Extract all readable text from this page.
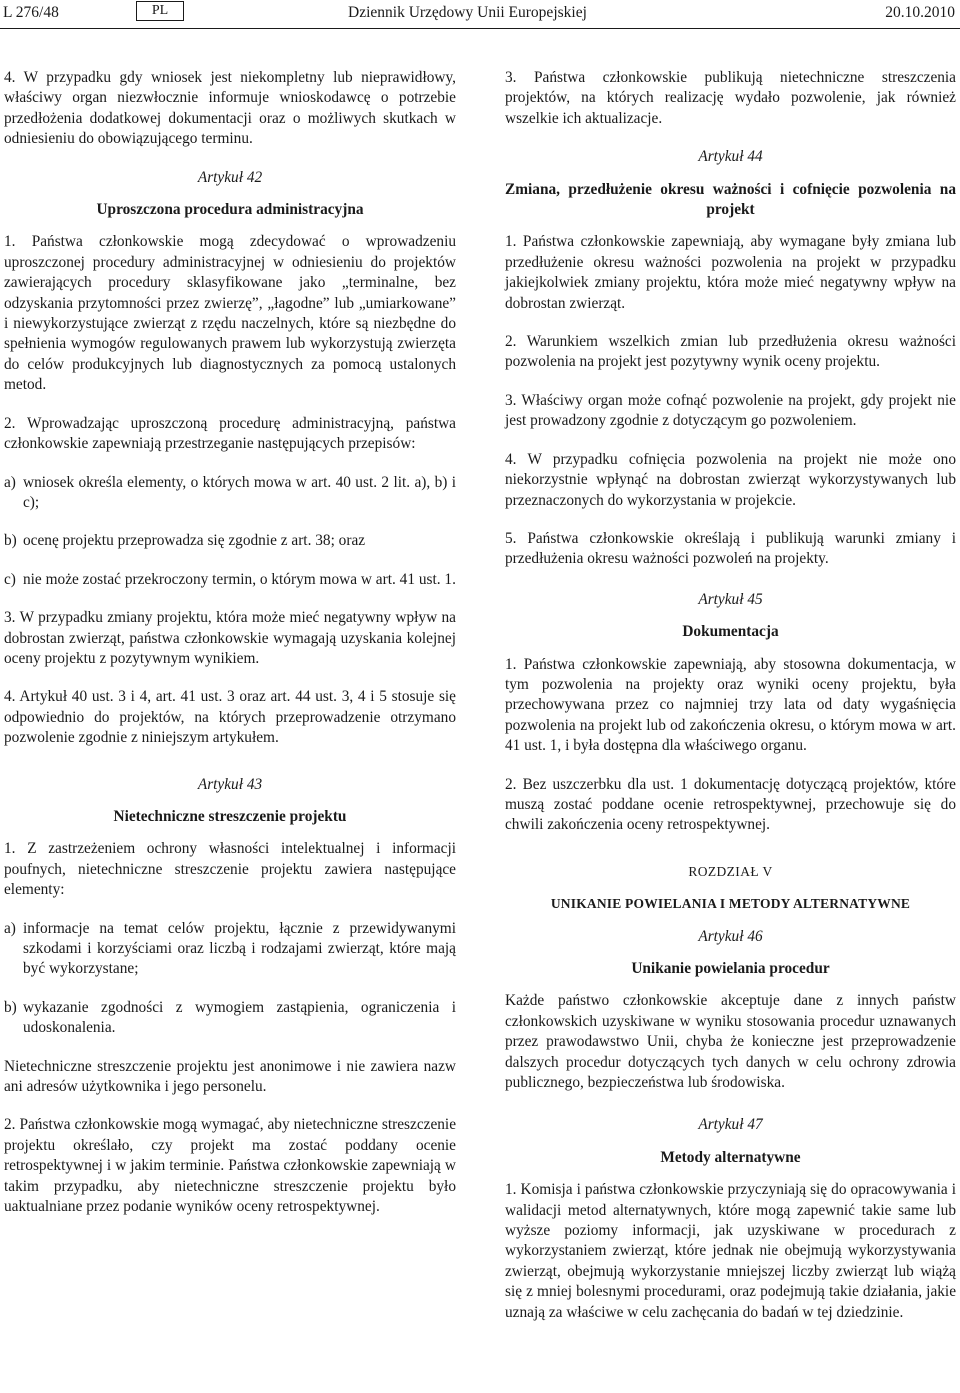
L 276/48	PL	Dziennik Urzędowy Unii Europejskiej	20.10.2010

4. W przypadku gdy wniosek jest niekompletny lub nieprawidłowy, właściwy organ niezwłocznie informuje wnioskodawcę o potrzebie przedłożenia dodatkowej dokumentacji oraz o możliwych skutkach w odniesieniu do obowiązującego terminu.

Artykuł 42
Uproszczona procedura administracyjna

1. Państwa członkowskie mogą zdecydować o wprowadzeniu uproszczonej procedury administracyjnej w odniesieniu do projektów zawierających procedury sklasyfikowane jako „terminalne, bez odzyskania przytomności przez zwierzę”, „łagodne” lub „umiarkowane” i niewykorzystujące zwierząt z rzędu naczelnych, które są niezbędne do spełnienia wymogów regulowanych prawem lub wykorzystują zwierzęta do celów produkcyjnych lub diagnostycznych za pomocą ustalonych metod.

2. Wprowadzając uproszczoną procedurę administracyjną, państwa członkowskie zapewniają przestrzeganie następujących przepisów:

a) wniosek określa elementy, o których mowa w art. 40 ust. 2 lit. a), b) i c);
b) ocenę projektu przeprowadza się zgodnie z art. 38; oraz
c) nie może zostać przekroczony termin, o którym mowa w art. 41 ust. 1.

3. W przypadku zmiany projektu, która może mieć negatywny wpływ na dobrostan zwierząt, państwa członkowskie wymagają uzyskania kolejnej oceny projektu z pozytywnym wynikiem.

4. Artykuł 40 ust. 3 i 4, art. 41 ust. 3 oraz art. 44 ust. 3, 4 i 5 stosuje się odpowiednio do projektów, na których przeprowadzenie otrzymano pozwolenie zgodnie z niniejszym artykułem.

Artykuł 43
Nietechniczne streszczenie projektu

1. Z zastrzeżeniem ochrony własności intelektualnej i informacji poufnych, nietechniczne streszczenie projektu zawiera następujące elementy:

a) informacje na temat celów projektu, łącznie z przewidywanymi szkodami i korzyściami oraz liczbą i rodzajami zwierząt, które mają być wykorzystane;
b) wykazanie zgodności z wymogiem zastąpienia, ograniczenia i udoskonalenia.

Nietechniczne streszczenie projektu jest anonimowe i nie zawiera nazw ani adresów użytkownika i jego personelu.

2. Państwa członkowskie mogą wymagać, aby nietechniczne streszczenie projektu określało, czy projekt ma zostać poddany ocenie retrospektywnej i w jakim terminie. Państwa członkowskie zapewniają w takim przypadku, aby nietechniczne streszczenie projektu było uaktualniane przez podanie wyników oceny retrospektywnej.

3. Państwa członkowskie publikują nietechniczne streszczenia projektów, na których realizację wydało pozwolenie, jak również wszelkie ich aktualizacje.

Artykuł 44
Zmiana, przedłużenie okresu ważności i cofnięcie pozwolenia na projekt

1. Państwa członkowskie zapewniają, aby wymagane były zmiana lub przedłużenie okresu ważności pozwolenia na projekt w przypadku jakiejkolwiek zmiany projektu, która może mieć negatywny wpływ na dobrostan zwierząt.

2. Warunkiem wszelkich zmian lub przedłużenia okresu ważności pozwolenia na projekt jest pozytywny wynik oceny projektu.

3. Właściwy organ może cofnąć pozwolenie na projekt, gdy projekt nie jest prowadzony zgodnie z dotyczącym go pozwoleniem.

4. W przypadku cofnięcia pozwolenia na projekt nie może ono niekorzystnie wpłynąć na dobrostan zwierząt wykorzystywanych lub przeznaczonych do wykorzystania w projekcie.

5. Państwa członkowskie określają i publikują warunki zmiany i przedłużenia okresu ważności pozwoleń na projekty.

Artykuł 45
Dokumentacja

1. Państwa członkowskie zapewniają, aby stosowna dokumentacja, w tym pozwolenia na projekty oraz wyniki oceny projektu, była przechowywana przez co najmniej trzy lata od daty wygaśnięcia pozwolenia na projekt lub od zakończenia okresu, o którym mowa w art. 41 ust. 1, i była dostępna dla właściwego organu.

2. Bez uszczerbku dla ust. 1 dokumentację dotyczącą projektów, które muszą zostać poddane ocenie retrospektywnej, przechowuje się do chwili zakończenia oceny retrospektywnej.

ROZDZIAŁ V
UNIKANIE POWIELANIA I METODY ALTERNATYWNE
Artykuł 46
Unikanie powielania procedur

Każde państwo członkowskie akceptuje dane z innych państw członkowskich uzyskiwane w wyniku stosowania procedur uznawanych przez prawodawstwo Unii, chyba że konieczne jest przeprowadzenie dalszych procedur dotyczących tych danych w celu ochrony zdrowia publicznego, bezpieczeństwa lub środowiska.

Artykuł 47
Metody alternatywne

1. Komisja i państwa członkowskie przyczyniają się do opracowywania i walidacji metod alternatywnych, które mogą zapewnić takie same lub wyższe poziomy informacji, jak uzyskiwane w procedurach z wykorzystaniem zwierząt, które jednak nie obejmują wykorzystywania zwierząt, obejmują wykorzystanie mniejszej liczby zwierząt lub wiążą się z mniej bolesnymi procedurami, oraz podejmują takie działania, jakie uznają za właściwe w celu zachęcania do badań w tej dziedzinie.
